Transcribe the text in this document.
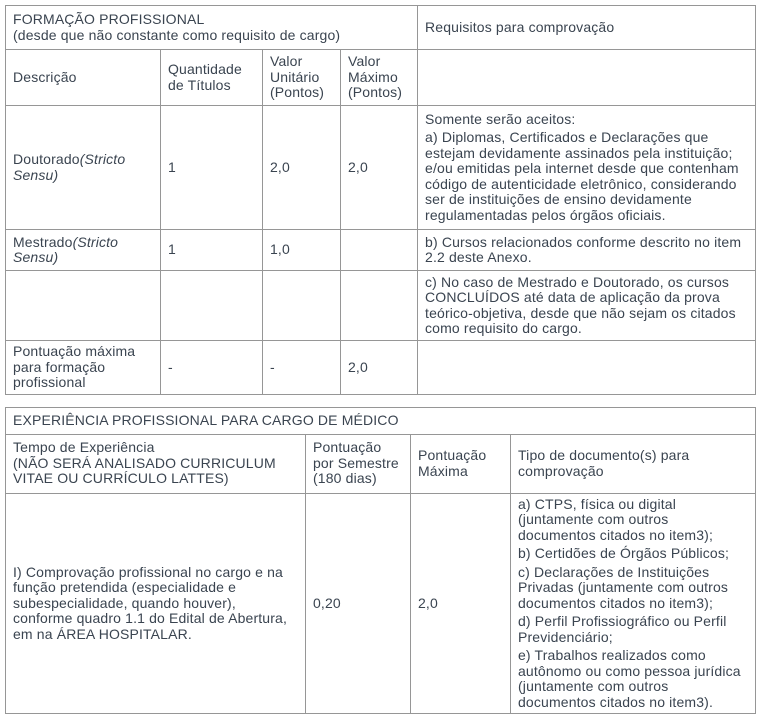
FORMAÇÃO PROFISSIONAL
(desde que não constante como requisito de cargo)				Requisitos para comprovação
Descrição	Quantidade de Títulos	Valor Unitário (Pontos)	Valor Máximo (Pontos)	
Doutorado(Stricto Sensu)	1	2,0	2,0	Somente serão aceitos:

a) Diplomas, Certificados e Declarações que estejam devidamente assinados pela instituição; e/ou emitidas pela internet desde que contenham código de autenticidade eletrônico, considerando ser de instituições de ensino devidamente regulamentadas pelos órgãos oficiais.

Mestrado(Stricto Sensu)	1	1,0		b) Cursos relacionados conforme descrito no item 2.2 deste Anexo.
				c) No caso de Mestrado e Doutorado, os cursos CONCLUÍDOS até data de aplicação da prova teórico-objetiva, desde que não sejam os citados como requisito do cargo.
Pontuação máxima para formação profissional	-	-	2,0	
EXPERIÊNCIA PROFISSIONAL PARA CARGO DE MÉDICO			

Tempo de Experiência
(NÃO SERÁ ANALISADO CURRICULUM VITAE OU CURRÍCULO LATTES)	Pontuação por Semestre (180 dias)	Pontuação Máxima	Tipo de documento(s) para comprovação
I) Comprovação profissional no cargo e na função pretendida (especialidade e subespecialidade, quando houver), conforme quadro 1.1 do Edital de Abertura, em na ÁREA HOSPITALAR.	0,20	2,0	a) CTPS, física ou digital (juntamente com outros documentos citados no item3);

b) Certidões de Órgãos Públicos;

c) Declarações de Instituições Privadas (juntamente com outros documentos citados no item3);

d) Perfil Profissiográfico ou Perfil Previdenciário;

e) Trabalhos realizados como autônomo ou como pessoa jurídica (juntamente com outros documentos citados no item3).
